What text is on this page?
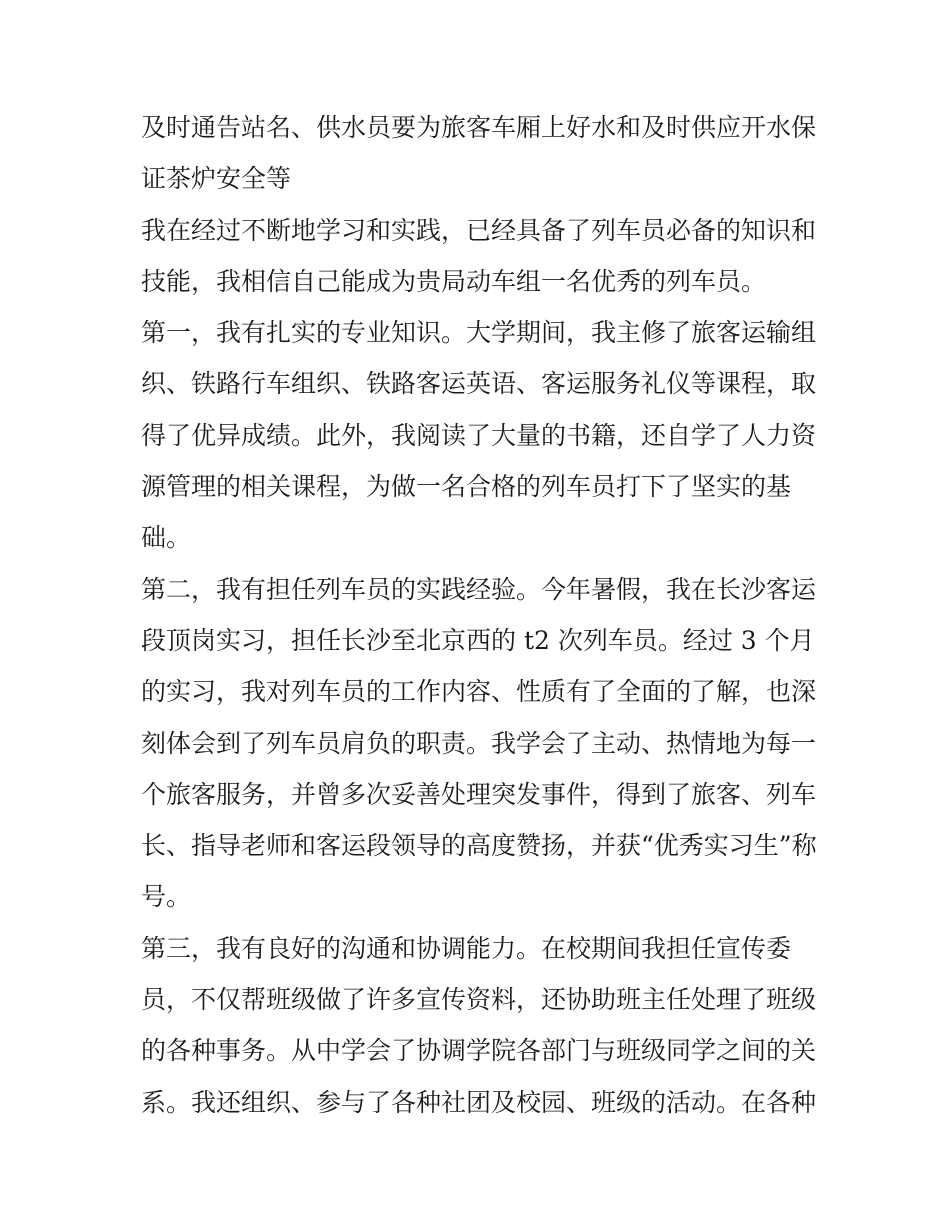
及时通告站名、供水员要为旅客车厢上好水和及时供应开水保
证茶炉安全等
我在经过不断地学习和实践，已经具备了列车员必备的知识和
技能，我相信自己能成为贵局动车组一名优秀的列车员。
第一，我有扎实的专业知识。大学期间，我主修了旅客运输组
织、铁路行车组织、铁路客运英语、客运服务礼仪等课程，取
得了优异成绩。此外，我阅读了大量的书籍，还自学了人力资
源管理的相关课程，为做一名合格的列车员打下了坚实的基
础。
第二，我有担任列车员的实践经验。今年暑假，我在长沙客运
段顶岗实习，担任长沙至北京西的 t2 次列车员。经过 3 个月
的实习，我对列车员的工作内容、性质有了全面的了解，也深
刻体会到了列车员肩负的职责。我学会了主动、热情地为每一
个旅客服务，并曾多次妥善处理突发事件，得到了旅客、列车
长、指导老师和客运段领导的高度赞扬，并获“优秀实习生”称
号。
第三，我有良好的沟通和协调能力。在校期间我担任宣传委
员，不仅帮班级做了许多宣传资料，还协助班主任处理了班级
的各种事务。从中学会了协调学院各部门与班级同学之间的关
系。我还组织、参与了各种社团及校园、班级的活动。在各种
